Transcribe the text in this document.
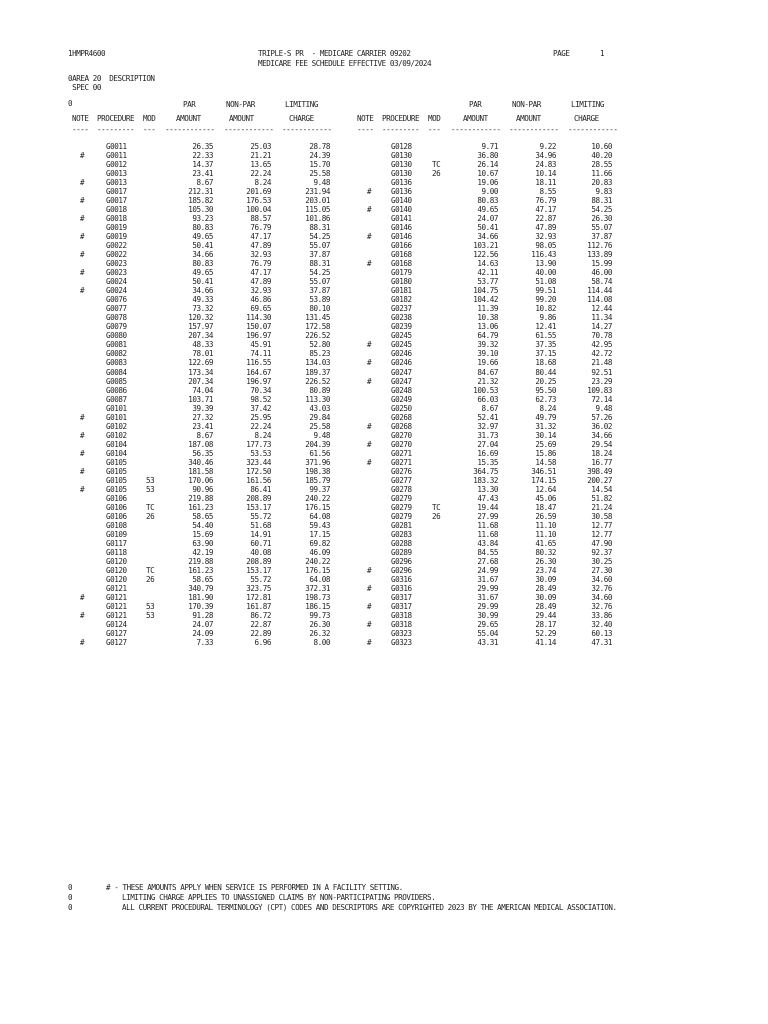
1HMPR4600	TRIPLE-S PR  - MEDICARE CARRIER 09202
MEDICARE FEE SCHEDULE EFFECTIVE 03/09/2024
PAGE	1
0AREA 20  DESCRIPTION
SPEC 00
0	PAR	NON-PAR	LIMITING
NOTE PROCEDURE MOD	AMOUNT	AMOUNT	CHARGE
---- --------- --- ------------ ------------ ------------
PAR	NON-PAR	LIMITING
NOTE PROCEDURE MOD	AMOUNT	AMOUNT	CHARGE
---- --------- --- ------------ ------------ ------------
G0011	26.35	25.03	28.78
#	G0011	22.33	21.21	24.39
G0012	14.37	13.65	15.70
G0013	23.41	22.24	25.58
#	G0013	8.67	8.24	9.48
G0017	212.31	201.69	231.94
#	G0017	185.82	176.53	203.01
G0018	105.30	100.04	115.05
#	G0018	93.23	88.57	101.86
G0019	80.83	76.79	88.31
#	G0019	49.65	47.17	54.25
G0022	50.41	47.89	55.07
#	G0022	34.66	32.93	37.87
G0023	80.83	76.79	88.31
#	G0023	49.65	47.17	54.25
G0024	50.41	47.89	55.07
#	G0024	34.66	32.93	37.87
G0076	49.33	46.86	53.89
G0077	73.32	69.65	80.10
G0078	120.32	114.30	131.45
G0079	157.97	150.07	172.58
G0080	207.34	196.97	226.52
G0081	48.33	45.91	52.80
G0082	78.01	74.11	85.23
G0083	122.69	116.55	134.03
G0084	173.34	164.67	189.37
G0085	207.34	196.97	226.52
G0086	74.04	70.34	80.89
G0087	103.71	98.52	113.30
G0101	39.39	37.42	43.03
#	G0101	27.32	25.95	29.84
G0102	23.41	22.24	25.58
#	G0102	8.67	8.24	9.48
G0104	187.08	177.73	204.39
#	G0104	56.35	53.53	61.56
G0105	340.46	323.44	371.96
#	G0105	181.58	172.50	198.38
G0105	53	170.06	161.56	185.79
#	G0105	53	90.96	86.41	99.37
G0106	219.88	208.89	240.22
G0106	TC	161.23	153.17	176.15
G0106	26	58.65	55.72	64.08
G0108	54.40	51.68	59.43
G0109	15.69	14.91	17.15
G0117	63.90	60.71	69.82
G0118	42.19	40.08	46.09
G0120	219.88	208.89	240.22
G0120	TC	161.23	153.17	176.15
G0120	26	58.65	55.72	64.08
G0121	340.79	323.75	372.31
#	G0121	181.90	172.81	198.73
G0121	53	170.39	161.87	186.15
#	G0121	53	91.28	86.72	99.73
G0124	24.07	22.87	26.30
G0127	24.09	22.89	26.32
#	G0127	7.33	6.96	8.00
G0128	9.71	9.22	10.60
G0130	36.80	34.96	40.20
G0130	TC	26.14	24.83	28.55
G0130	26	10.67	10.14	11.66
G0136	19.06	18.11	20.83
#	G0136	9.00	8.55	9.83
G0140	80.83	76.79	88.31
#	G0140	49.65	47.17	54.25
G0141	24.07	22.87	26.30
G0146	50.41	47.89	55.07
#	G0146	34.66	32.93	37.87
G0166	103.21	98.05	112.76
G0168	122.56	116.43	133.89
#	G0168	14.63	13.90	15.99
G0179	42.11	40.00	46.00
G0180	53.77	51.08	58.74
G0181	104.75	99.51	114.44
G0182	104.42	99.20	114.08
G0237	11.39	10.82	12.44
G0238	10.38	9.86	11.34
G0239	13.06	12.41	14.27
G0245	64.79	61.55	70.78
#	G0245	39.32	37.35	42.95
G0246	39.10	37.15	42.72
#	G0246	19.66	18.68	21.48
G0247	84.67	80.44	92.51
#	G0247	21.32	20.25	23.29
G0248	100.53	95.50	109.83
G0249	66.03	62.73	72.14
G0250	8.67	8.24	9.48
G0268	52.41	49.79	57.26
#	G0268	32.97	31.32	36.02
G0270	31.73	30.14	34.66
#	G0270	27.04	25.69	29.54
G0271	16.69	15.86	18.24
#	G0271	15.35	14.58	16.77
G0276	364.75	346.51	398.49
G0277	183.32	174.15	200.27
G0278	13.30	12.64	14.54
G0279	47.43	45.06	51.82
G0279	TC	19.44	18.47	21.24
G0279	26	27.99	26.59	30.58
G0281	11.68	11.10	12.77
G0283	11.68	11.10	12.77
G0288	43.84	41.65	47.90
G0289	84.55	80.32	92.37
G0296	27.68	26.30	30.25
#	G0296	24.99	23.74	27.30
G0316	31.67	30.09	34.60
#	G0316	29.99	28.49	32.76
G0317	31.67	30.09	34.60
#	G0317	29.99	28.49	32.76
G0318	30.99	29.44	33.86
#	G0318	29.65	28.17	32.40
G0323	55.04	52.29	60.13
#	G0323	43.31	41.14	47.31
0	# - THESE AMOUNTS APPLY WHEN SERVICE IS PERFORMED IN A FACILITY SETTING.
0	LIMITING CHARGE APPLIES TO UNASSIGNED CLAIMS BY NON-PARTICIPATING PROVIDERS.
0	ALL CURRENT PROCEDURAL TERMINOLOGY (CPT) CODES AND DESCRIPTORS ARE COPYRIGHTED 2023 BY THE AMERICAN MEDICAL ASSOCIATION.
